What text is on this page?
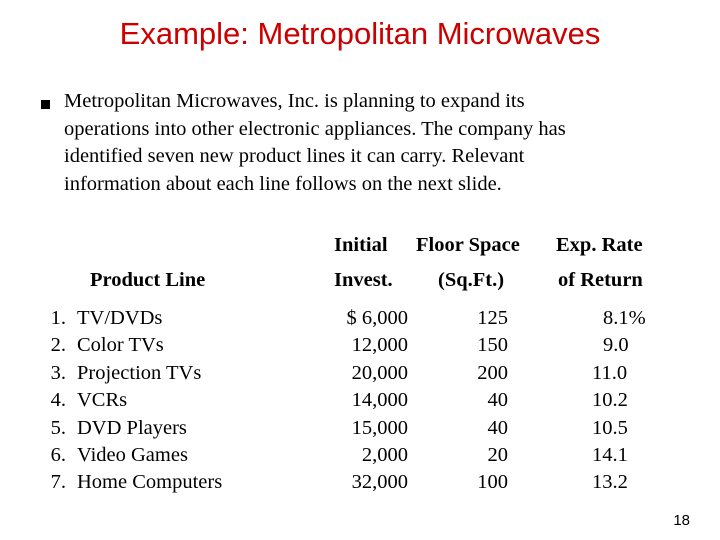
Example: Metropolitan Microwaves
Metropolitan Microwaves, Inc. is planning to expand its
operations into other electronic appliances. The company has
identified seven new product lines it can carry. Relevant
information about each line follows on the next slide.
Initial Floor Space Exp. Rate
Product Line	Invest. (Sq.Ft.)	of Return
1.
2.
3.
4.
5.
6.
7.
TV/DVDs
Color TVs
Projection TVs
VCRs
DVD Players
Video Games
Home Computers
$ 6,000
12,000
20,000
14,000
15,000
2,000
32,000
125
150
200
40
40
20
100
8.1%
9.0
11.0
10.2
10.5
14.1
13.2
18
